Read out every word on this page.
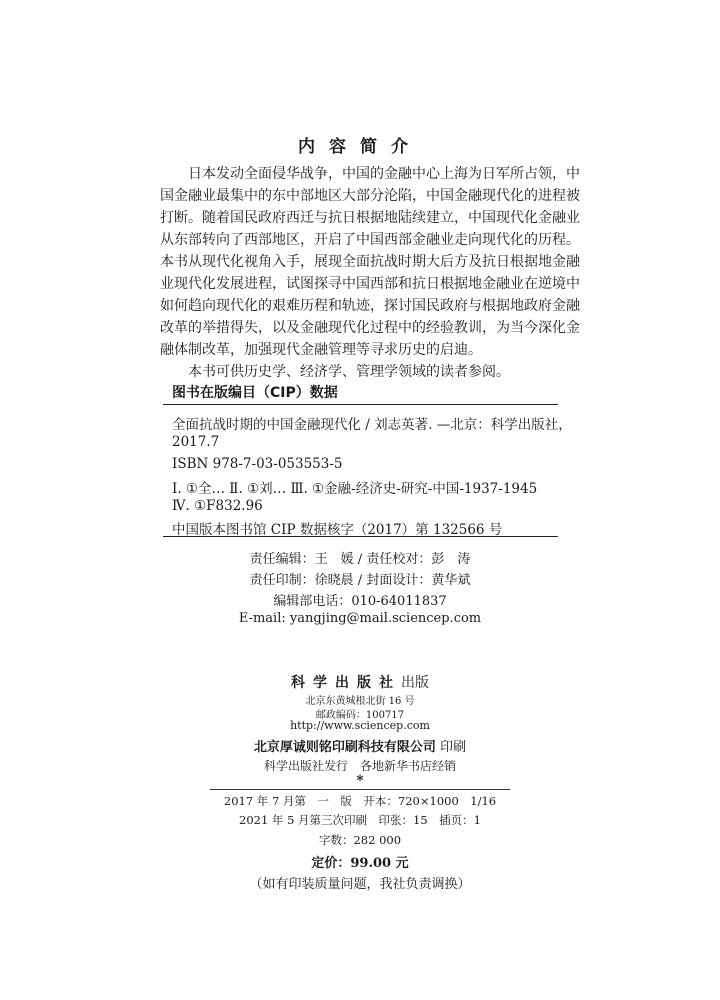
内容简介

日本发动全面侵华战争，中国的金融中心上海为日军所占领，中国金融业最集中的东中部地区大部分沦陷，中国金融现代化的进程被打断。随着国民政府西迁与抗日根据地陆续建立，中国现代化金融业从东部转向了西部地区，开启了中国西部金融业走向现代化的历程。本书从现代化视角入手，展现全面抗战时期大后方及抗日根据地金融业现代化发展进程，试图探寻中国西部和抗日根据地金融业在逆境中如何趋向现代化的艰难历程和轨迹，探讨国民政府与根据地政府金融改革的举措得失，以及金融现代化过程中的经验教训，为当今深化金融体制改革，加强现代金融管理等寻求历史的启迪。

本书可供历史学、经济学、管理学领域的读者参阅。

图书在版编目（CIP）数据
全面抗战时期的中国金融现代化 / 刘志英著. —北京：科学出版社，
2017.7
ISBN 978-7-03-053553-5
Ⅰ. ①全… Ⅱ. ①刘… Ⅲ. ①金融-经济史-研究-中国-1937-1945
Ⅳ. ①F832.96
中国版本图书馆 CIP 数据核字（2017）第 132566 号
责任编辑：王　媛 / 责任校对：彭　涛
责任印制：徐晓晨 / 封面设计：黄华斌
编辑部电话：010-64011837
E-mail: yangjing@mail.sciencep.com
科学出版社出版
北京东黄城根北街 16 号
邮政编码：100717
http://www.sciencep.com
北京厚诚则铭印刷科技有限公司 印刷
科学出版社发行　各地新华书店经销
*
2017 年 7 月第　一　版　开本：720×1000　1/16
2021 年 5 月第三次印刷　印张：15　插页：1
字数：282 000
定价：99.00 元
（如有印装质量问题，我社负责调换）
